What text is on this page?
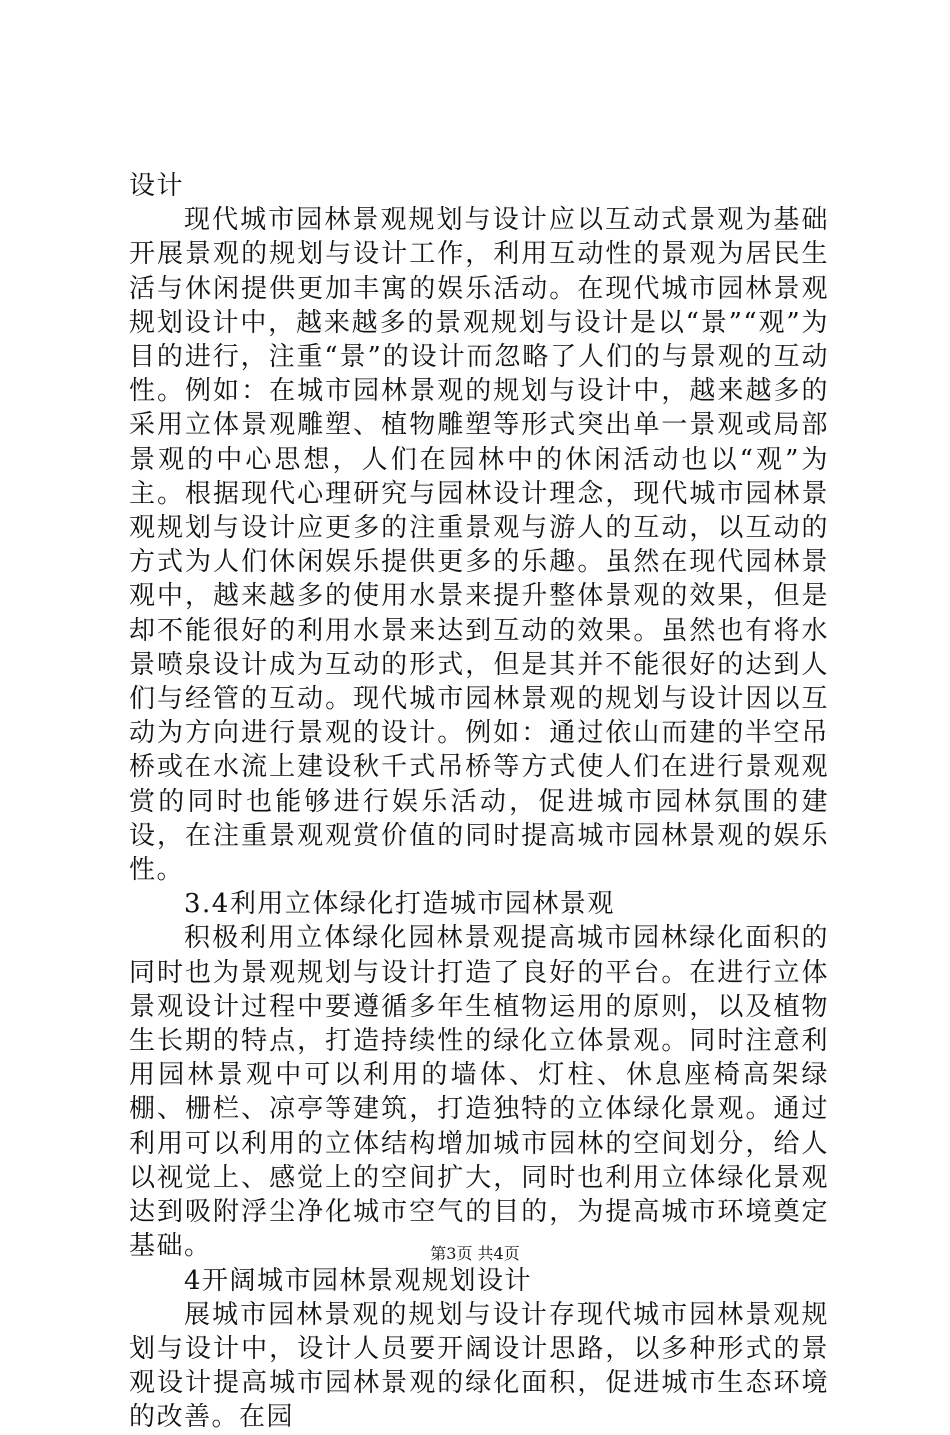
设计

现代城市园林景观规划与设计应以互动式景观为基础开展景观的规划与设计工作，利用互动性的景观为居民生活与休闲提供更加丰寓的娱乐活动。在现代城市园林景观规划设计中，越来越多的景观规划与设计是以“景”“观”为目的进行，注重“景”的设计而忽略了人们的与景观的互动性。例如：在城市园林景观的规划与设计中，越来越多的采用立体景观雕塑、植物雕塑等形式突出单一景观或局部景观的中心思想，人们在园林中的休闲活动也以“观”为主。根据现代心理研究与园林设计理念，现代城市园林景观规划与设计应更多的注重景观与游人的互动，以互动的方式为人们休闲娱乐提供更多的乐趣。虽然在现代园林景观中，越来越多的使用水景来提升整体景观的效果，但是却不能很好的利用水景来达到互动的效果。虽然也有将水景喷泉设计成为互动的形式，但是其并不能很好的达到人们与经管的互动。现代城市园林景观的规划与设计因以互动为方向进行景观的设计。例如：通过依山而建的半空吊桥或在水流上建设秋千式吊桥等方式使人们在进行景观观赏的同时也能够进行娱乐活动，促进城市园林氛围的建设，在注重景观观赏价值的同时提高城市园林景观的娱乐性。

3.4利用立体绿化打造城市园林景观

积极利用立体绿化园林景观提高城市园林绿化面积的同时也为景观规划与设计打造了良好的平台。在进行立体景观设计过程中要遵循多年生植物运用的原则，以及植物生长期的特点，打造持续性的绿化立体景观。同时注意利用园林景观中可以利用的墙体、灯柱、休息座椅高架绿棚、栅栏、凉亭等建筑，打造独特的立体绿化景观。通过利用可以利用的立体结构增加城市园林的空间划分，给人以视觉上、感觉上的空间扩大，同时也利用立体绿化景观达到吸附浮尘净化城市空气的目的，为提高城市环境奠定基础。

4开阔城市园林景观规划设计

展城市园林景观的规划与设计存现代城市园林景观规划与设计中，设计人员要开阔设计思路，以多种形式的景观设计提高城市园林景观的绿化面积，促进城市生态环境的改善。在园

第3页 共4页
